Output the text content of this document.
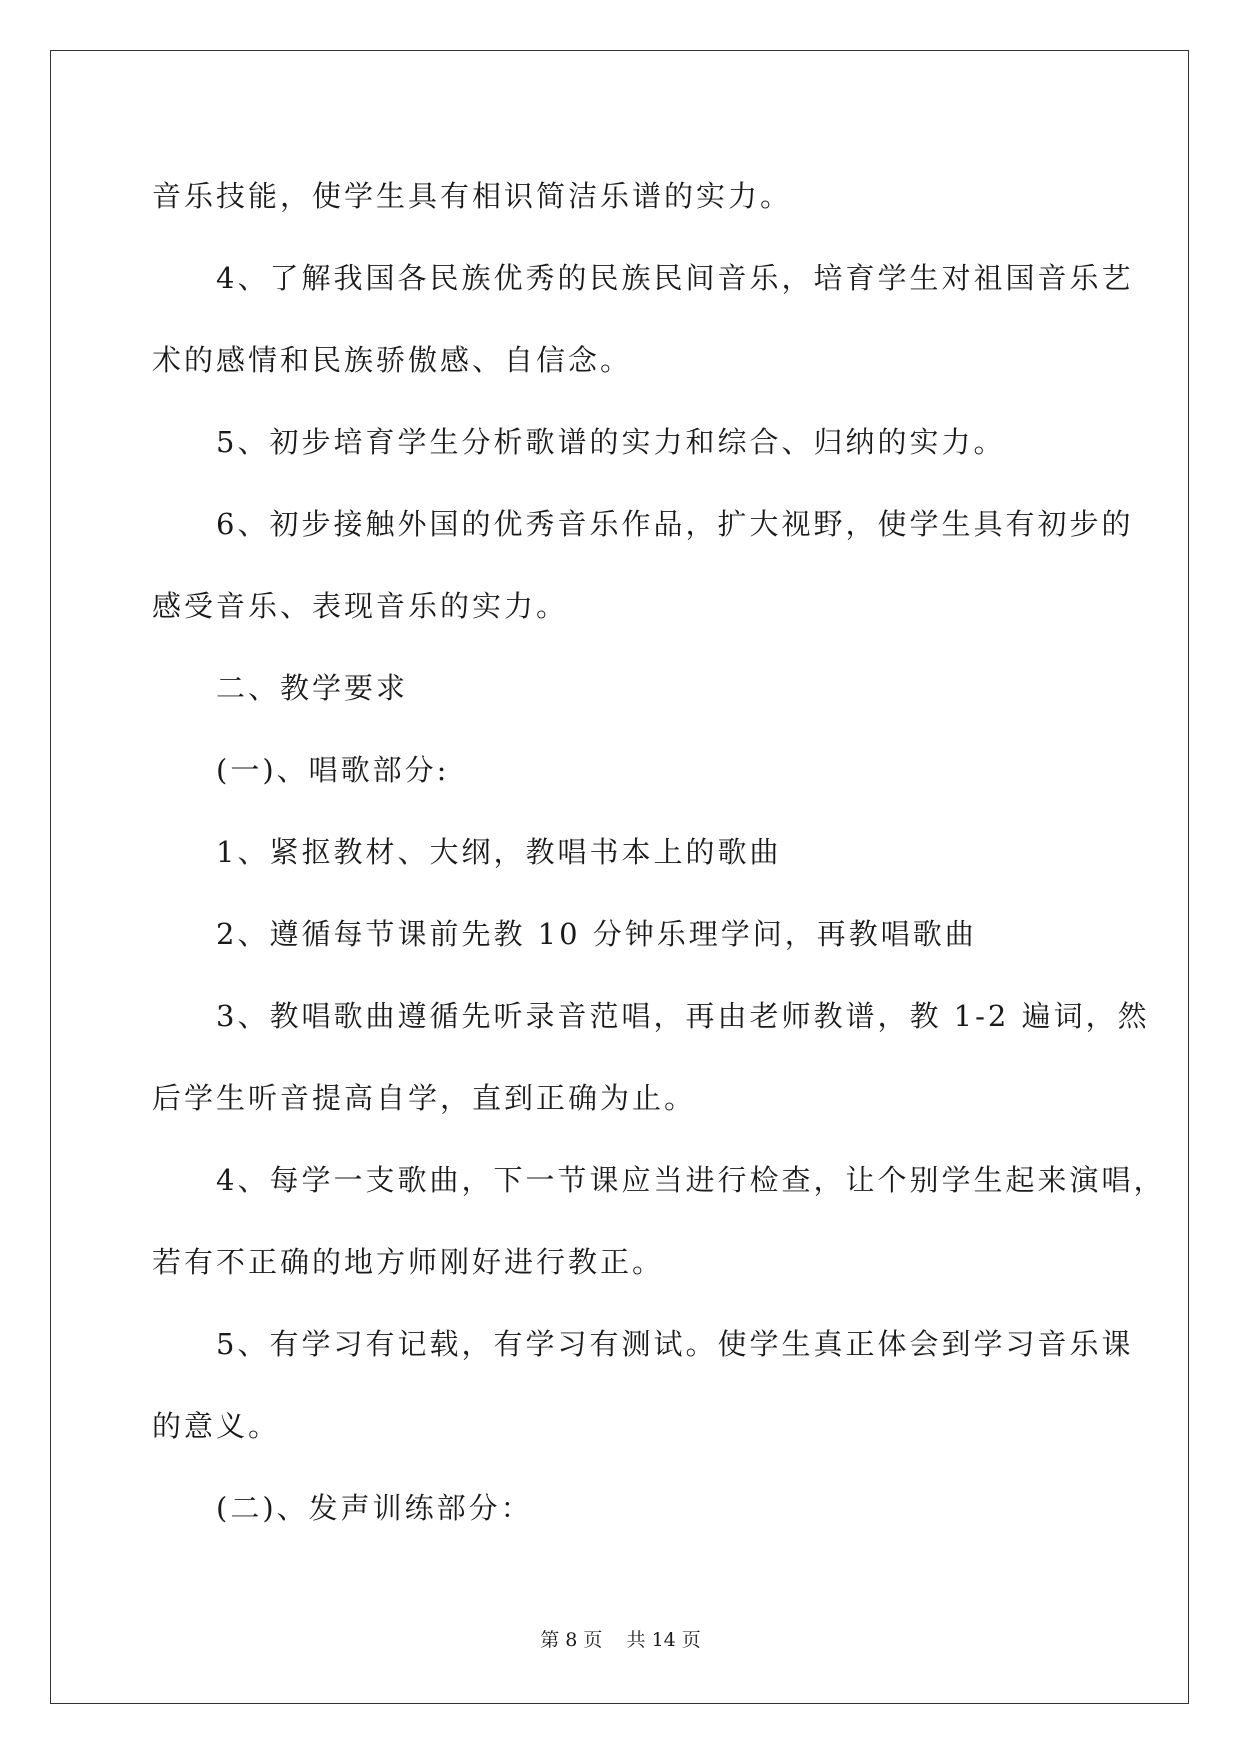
音乐技能，使学生具有相识简洁乐谱的实力。

4、了解我国各民族优秀的民族民间音乐，培育学生对祖国音乐艺
术的感情和民族骄傲感、自信念。

5、初步培育学生分析歌谱的实力和综合、归纳的实力。

6、初步接触外国的优秀音乐作品，扩大视野，使学生具有初步的
感受音乐、表现音乐的实力。

二、教学要求

(一)、唱歌部分:

1、紧抠教材、大纲，教唱书本上的歌曲

2、遵循每节课前先教 10 分钟乐理学问，再教唱歌曲

3、教唱歌曲遵循先听录音范唱，再由老师教谱，教 1-2 遍词，然
后学生听音提高自学，直到正确为止。

4、每学一支歌曲，下一节课应当进行检查，让个别学生起来演唱，
若有不正确的地方师刚好进行教正。

5、有学习有记载，有学习有测试。使学生真正体会到学习音乐课
的意义。

(二)、发声训练部分：

第 8 页 共 14 页
